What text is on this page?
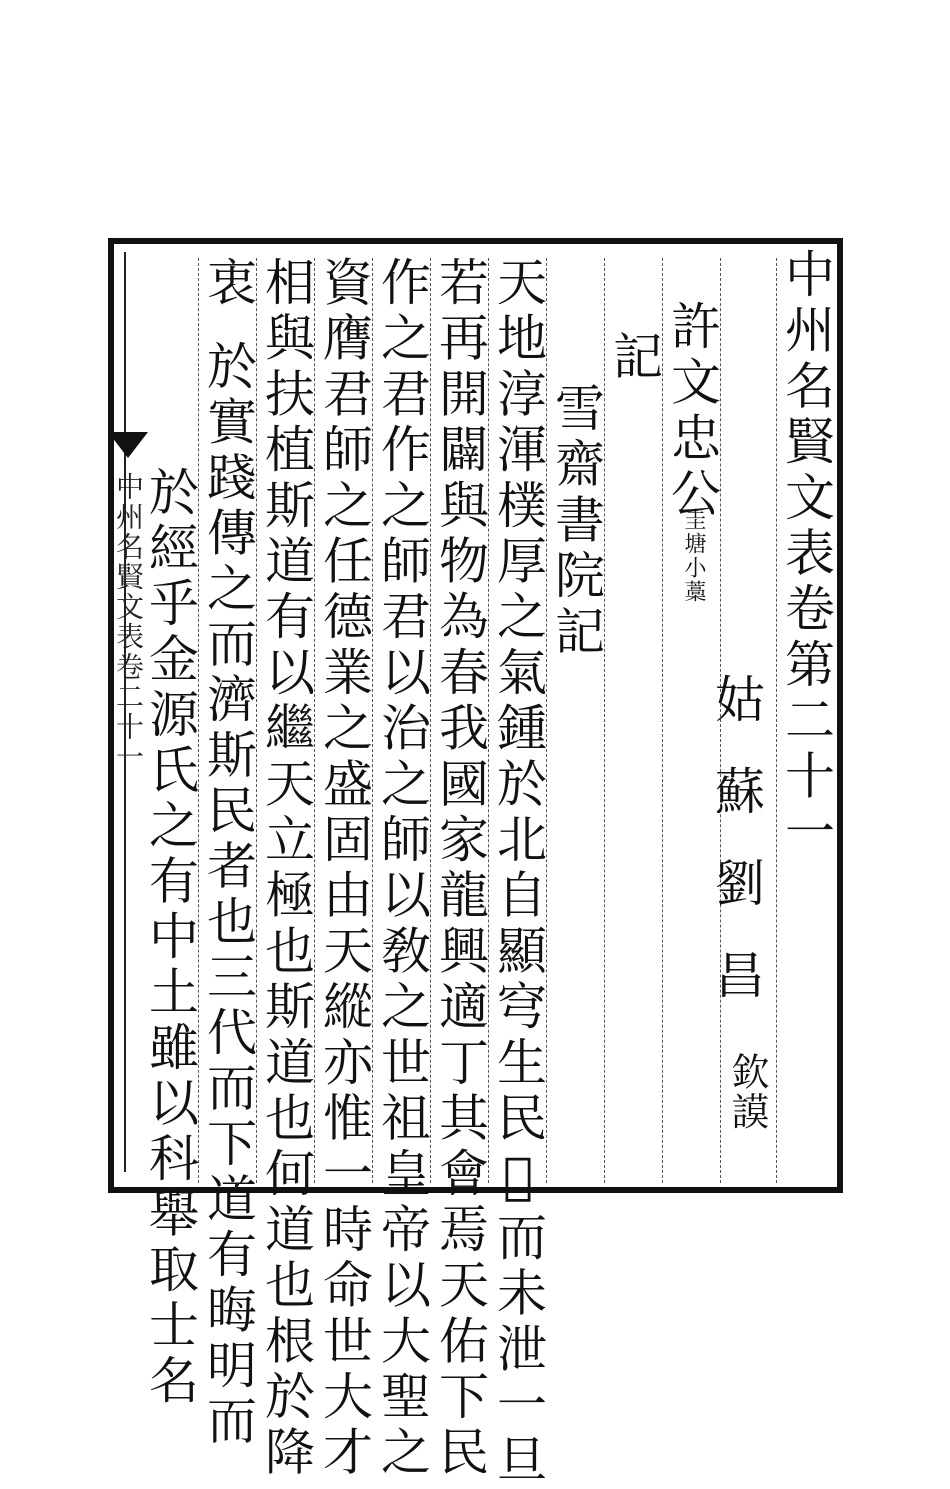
中州名賢文表卷二十一	中州名賢文表卷第二十一
姑
蘇
劉
昌
欽謨
許文忠公
圭塘小藁
記
雪齋書院記
天地淳渾樸厚之氣鍾於北自顯穹生民𠋣而未泄一旦
若再開闢與物為春我國家龍興適丁其會焉天佑下民
作之君作之師君以治之師以敎之世祖皇帝以大聖之
資膺君師之任德業之盛固由天縱亦惟一時命世大才
相與扶植斯道有以繼天立極也斯道也何道也根於降
衷
於實踐傳之而濟斯民者也三代而下道有晦明而
於經乎金源氏之有中土雖以科舉取士名
